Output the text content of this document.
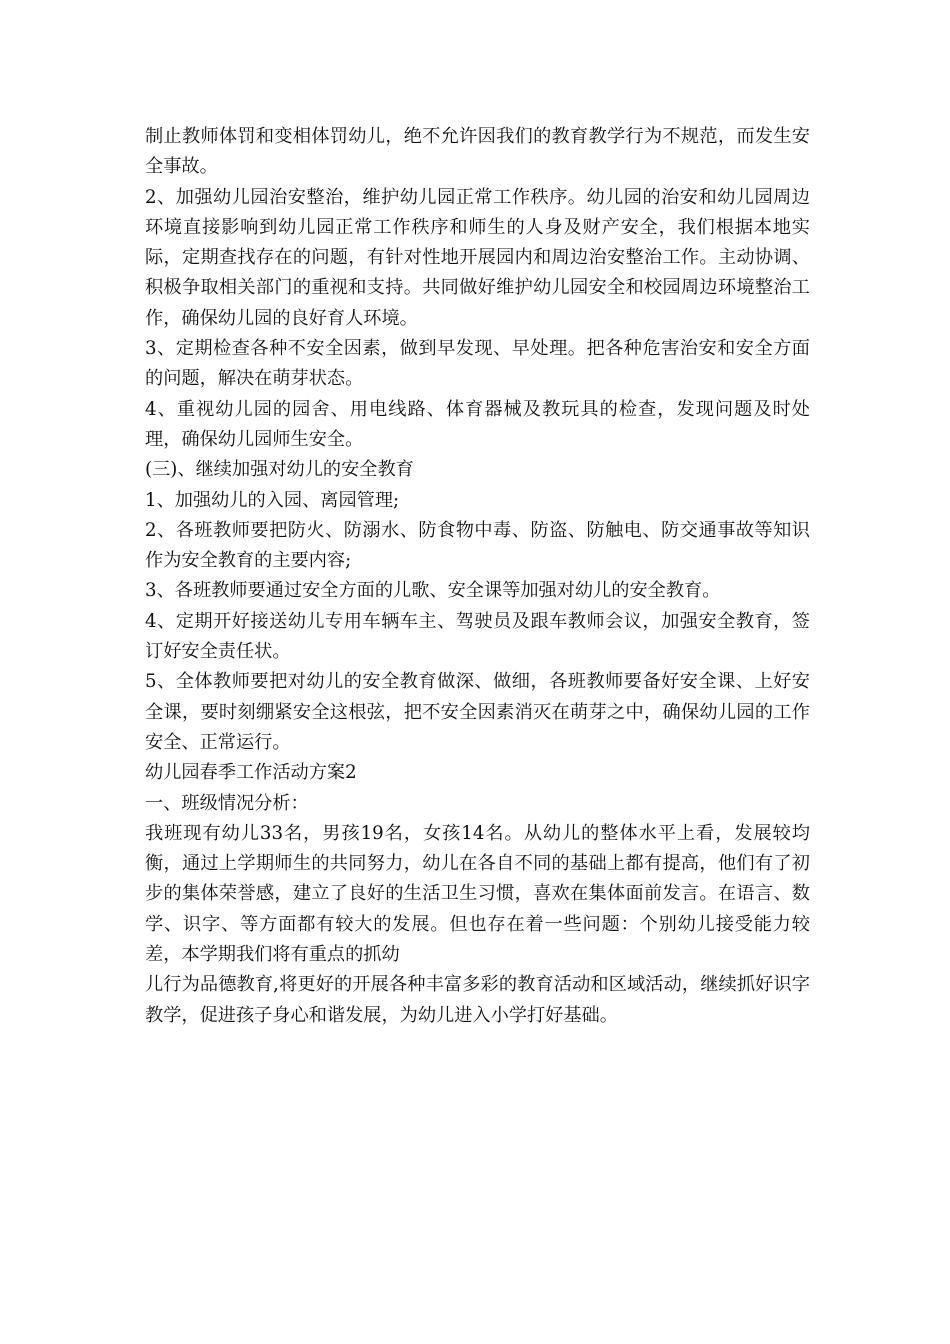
制止教师体罚和变相体罚幼儿，绝不允许因我们的教育教学行为不规范，而发生安全事故。

2、加强幼儿园治安整治，维护幼儿园正常工作秩序。幼儿园的治安和幼儿园周边环境直接影响到幼儿园正常工作秩序和师生的人身及财产安全，我们根据本地实际，定期查找存在的问题，有针对性地开展园内和周边治安整治工作。主动协调、积极争取相关部门的重视和支持。共同做好维护幼儿园安全和校园周边环境整治工作，确保幼儿园的良好育人环境。

3、定期检查各种不安全因素，做到早发现、早处理。把各种危害治安和安全方面的问题，解决在萌芽状态。

4、重视幼儿园的园舍、用电线路、体育器械及教玩具的检查，发现问题及时处理，确保幼儿园师生安全。

(三)、继续加强对幼儿的安全教育

1、加强幼儿的入园、离园管理;

2、各班教师要把防火、防溺水、防食物中毒、防盗、防触电、防交通事故等知识作为安全教育的主要内容;

3、各班教师要通过安全方面的儿歌、安全课等加强对幼儿的安全教育。

4、定期开好接送幼儿专用车辆车主、驾驶员及跟车教师会议，加强安全教育，签订好安全责任状。

5、全体教师要把对幼儿的安全教育做深、做细，各班教师要备好安全课、上好安全课，要时刻绷紧安全这根弦，把不安全因素消灭在萌芽之中，确保幼儿园的工作安全、正常运行。

幼儿园春季工作活动方案2

一、班级情况分析：

我班现有幼儿33名，男孩19名，女孩14名。从幼儿的整体水平上看，发展较均衡，通过上学期师生的共同努力，幼儿在各自不同的基础上都有提高，他们有了初步的集体荣誉感，建立了良好的生活卫生习惯，喜欢在集体面前发言。在语言、数学、识字、等方面都有较大的发展。但也存在着一些问题：个别幼儿接受能力较差，本学期我们将有重点的抓幼

儿行为品德教育,将更好的开展各种丰富多彩的教育活动和区域活动，继续抓好识字教学，促进孩子身心和谐发展，为幼儿进入小学打好基础。
